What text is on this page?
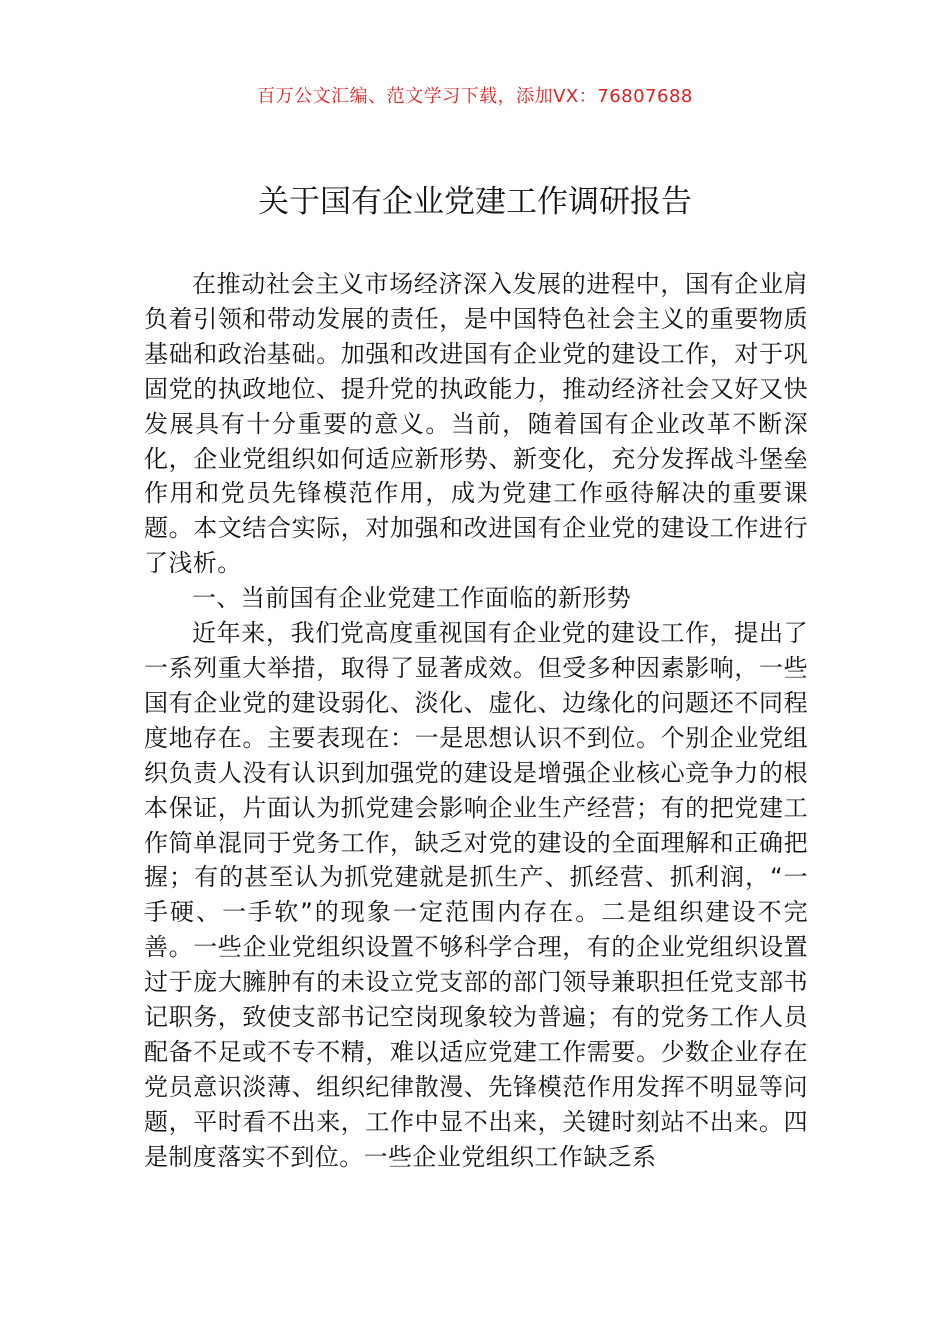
百万公文汇编、范文学习下载，添加VX：76807688
关于国有企业党建工作调研报告

在推动社会主义市场经济深入发展的进程中，国有企业肩负着引领和带动发展的责任，是中国特色社会主义的重要物质基础和政治基础。加强和改进国有企业党的建设工作，对于巩固党的执政地位、提升党的执政能力，推动经济社会又好又快发展具有十分重要的意义。当前，随着国有企业改革不断深化，企业党组织如何适应新形势、新变化，充分发挥战斗堡垒作用和党员先锋模范作用，成为党建工作亟待解决的重要课题。本文结合实际，对加强和改进国有企业党的建设工作进行了浅析。

一、当前国有企业党建工作面临的新形势

近年来，我们党高度重视国有企业党的建设工作，提出了一系列重大举措，取得了显著成效。但受多种因素影响，一些国有企业党的建设弱化、淡化、虚化、边缘化的问题还不同程度地存在。主要表现在：一是思想认识不到位。个别企业党组织负责人没有认识到加强党的建设是增强企业核心竞争力的根本保证，片面认为抓党建会影响企业生产经营；有的把党建工作简单混同于党务工作，缺乏对党的建设的全面理解和正确把握；有的甚至认为抓党建就是抓生产、抓经营、抓利润，“一手硬、一手软”的现象一定范围内存在。二是组织建设不完善。一些企业党组织设置不够科学合理，有的企业党组织设置过于庞大臃肿有的未设立党支部的部门领导兼职担任党支部书记职务，致使支部书记空岗现象较为普遍；有的党务工作人员配备不足或不专不精，难以适应党建工作需要。少数企业存在党员意识淡薄、组织纪律散漫、先锋模范作用发挥不明显等问题，平时看不出来，工作中显不出来，关键时刻站不出来。四是制度落实不到位。一些企业党组织工作缺乏系
